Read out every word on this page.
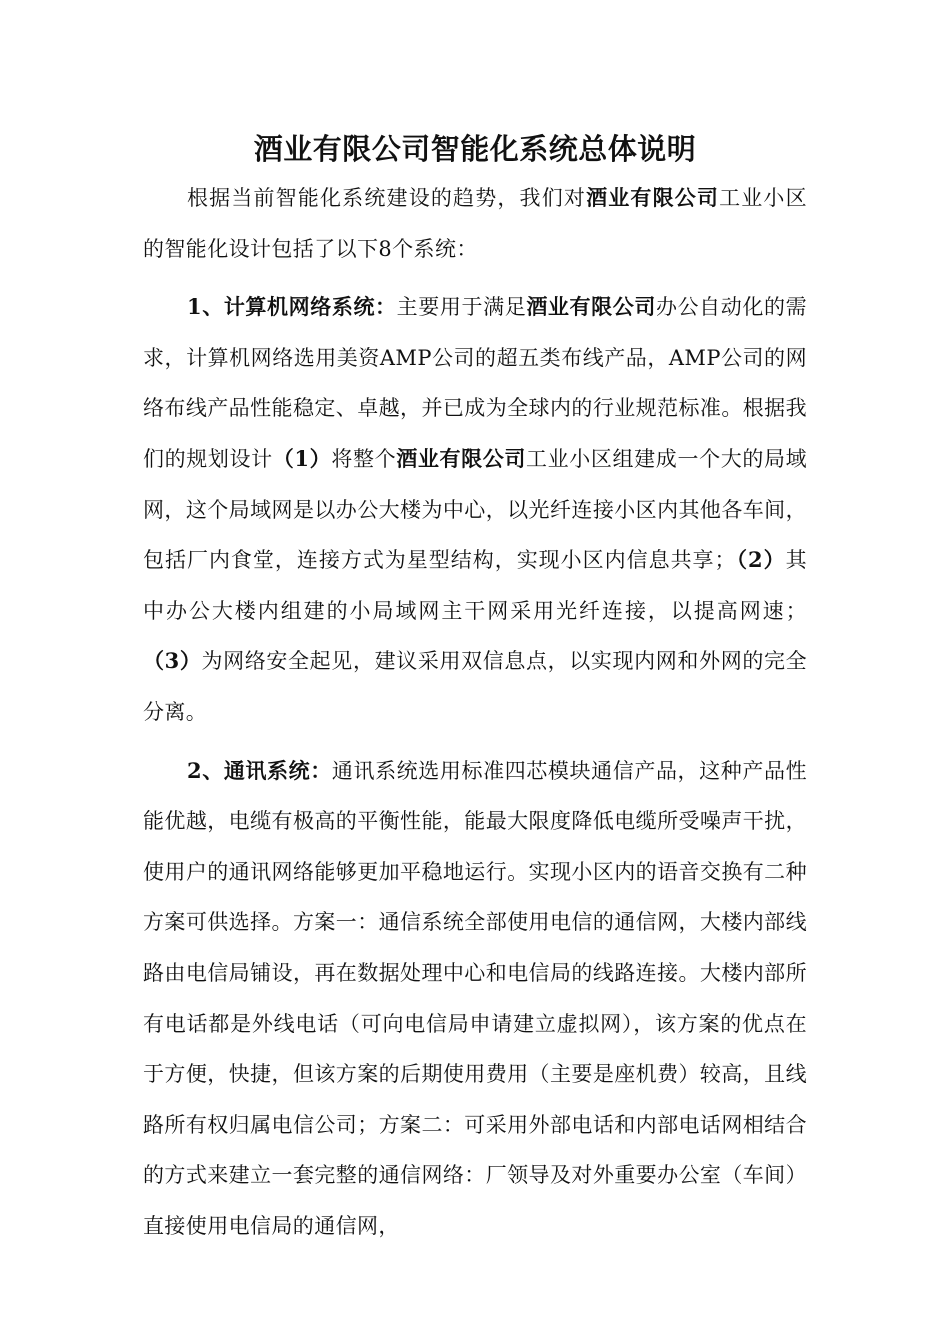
酒业有限公司智能化系统总体说明

根据当前智能化系统建设的趋势，我们对酒业有限公司工业小区的智能化设计包括了以下8个系统：

1、计算机网络系统：主要用于满足酒业有限公司办公自动化的需求，计算机网络选用美资AMP公司的超五类布线产品，AMP公司的网络布线产品性能稳定、卓越，并已成为全球内的行业规范标准。根据我们的规划设计（1）将整个酒业有限公司工业小区组建成一个大的局域网，这个局域网是以办公大楼为中心，以光纤连接小区内其他各车间，包括厂内食堂，连接方式为星型结构，实现小区内信息共享；（2）其中办公大楼内组建的小局域网主干网采用光纤连接，以提高网速；（3）为网络安全起见，建议采用双信息点，以实现内网和外网的完全分离。

2、通讯系统：通讯系统选用标准四芯模块通信产品，这种产品性能优越，电缆有极高的平衡性能，能最大限度降低电缆所受噪声干扰，使用户的通讯网络能够更加平稳地运行。实现小区内的语音交换有二种方案可供选择。方案一：通信系统全部使用电信的通信网，大楼内部线路由电信局铺设，再在数据处理中心和电信局的线路连接。大楼内部所有电话都是外线电话（可向电信局申请建立虚拟网），该方案的优点在于方便，快捷，但该方案的后期使用费用（主要是座机费）较高，且线路所有权归属电信公司；方案二：可采用外部电话和内部电话网相结合的方式来建立一套完整的通信网络：厂领导及对外重要办公室（车间）直接使用电信局的通信网，
